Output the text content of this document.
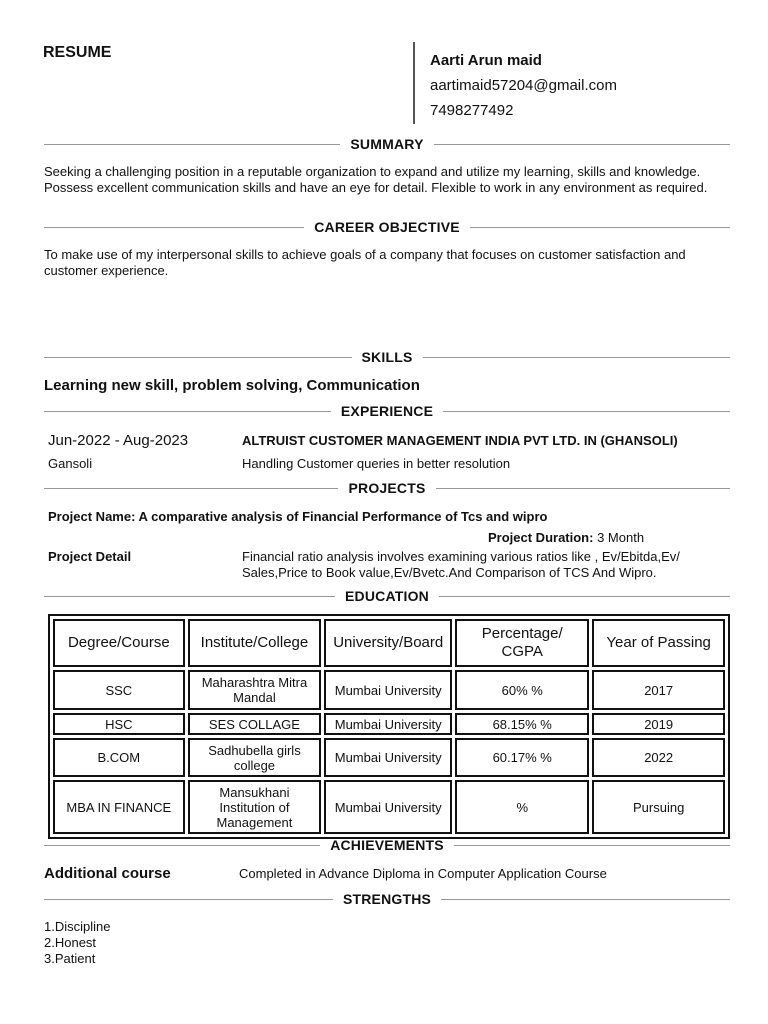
RESUME	Aarti Arun maid
aartimaid57204@gmail.com
7498277492
SUMMARY
Seeking a challenging position in a reputable organization to expand and utilize my learning, skills and knowledge. Possess excellent communication skills and have an eye for detail. Flexible to work in any environment as required.
CAREER OBJECTIVE
To make use of my interpersonal skills to achieve goals of a company that focuses on customer satisfaction and customer experience.
SKILLS
Learning new skill, problem solving, Communication
EXPERIENCE
Jun-2022 - Aug-2023	ALTRUIST CUSTOMER MANAGEMENT INDIA PVT LTD. IN (GHANSOLI)
Gansoli	Handling Customer queries in better resolution
PROJECTS
Project Name: A comparative analysis of Financial Performance of Tcs and wipro
Project Duration: 3 Month
Project Detail	Financial ratio analysis involves examining various ratios like , Ev/Ebitda,Ev/ Sales,Price to Book value,Ev/Bvetc.And Comparison of TCS And Wipro.
EDUCATION
Degree/Course	Institute/College	University/Board	Percentage/ CGPA	Year of Passing
SSC	Maharashtra Mitra Mandal	Mumbai University	60% %	2017
HSC	SES COLLAGE	Mumbai University	68.15% %	2019
B.COM	Sadhubella girls college	Mumbai University	60.17% %	2022
MBA IN FINANCE	Mansukhani Institution of Management	Mumbai University	%	Pursuing
ACHIEVEMENTS
Additional course	Completed in Advance Diploma in Computer Application Course
STRENGTHS
1.Discipline
2.Honest
3.Patient
